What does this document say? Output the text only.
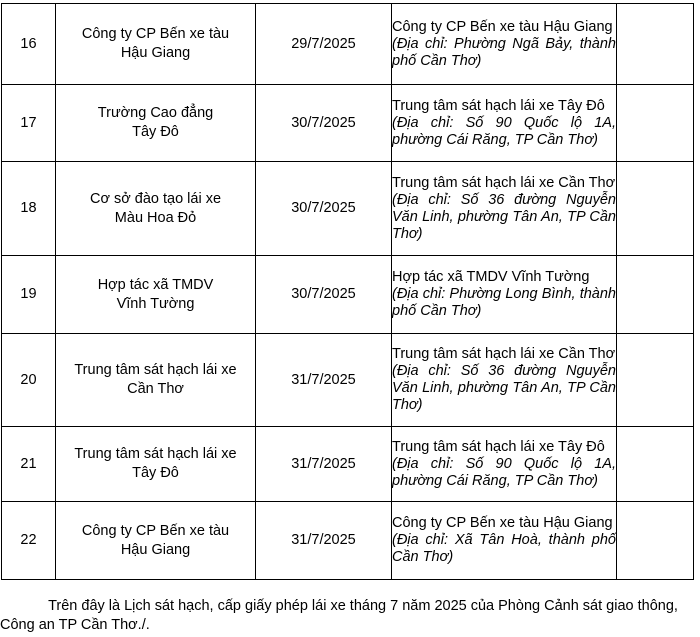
16	Công ty CP Bến xe tàu
Hậu Giang	29/7/2025	Công ty CP Bến xe tàu Hậu Giang
(Địa chỉ: Phường Ngã Bảy, thành phố Cần Thơ)	

17	Trường Cao đẳng
Tây Đô	30/7/2025	Trung tâm sát hạch lái xe Tây Đô
(Địa chỉ: Số 90 Quốc lộ 1A, phường Cái Răng, TP Cần Thơ)	

18	Cơ sở đào tạo lái xe
Màu Hoa Đỏ	30/7/2025	Trung tâm sát hạch lái xe Cần Thơ
(Địa chỉ: Số 36 đường Nguyễn Văn Linh, phường Tân An, TP Cần Thơ)	

19	Hợp tác xã TMDV
Vĩnh Tường	30/7/2025	Hợp tác xã TMDV Vĩnh Tường
(Địa chỉ: Phường Long Bình, thành phố Cần Thơ)	

20	Trung tâm sát hạch lái xe
Cần Thơ	31/7/2025	Trung tâm sát hạch lái xe Cần Thơ
(Địa chỉ: Số 36 đường Nguyễn Văn Linh, phường Tân An, TP Cần Thơ)	

21	Trung tâm sát hạch lái xe
Tây Đô	31/7/2025	Trung tâm sát hạch lái xe Tây Đô
(Địa chỉ: Số 90 Quốc lộ 1A, phường Cái Răng, TP Cần Thơ)	

22	Công ty CP Bến xe tàu
Hậu Giang	31/7/2025	Công ty CP Bến xe tàu Hậu Giang
(Địa chỉ: Xã Tân Hoà, thành phố Cần Thơ)	

Trên đây là Lịch sát hạch, cấp giấy phép lái xe tháng 7 năm 2025 của Phòng Cảnh sát giao thông,
Công an TP Cần Thơ./.
